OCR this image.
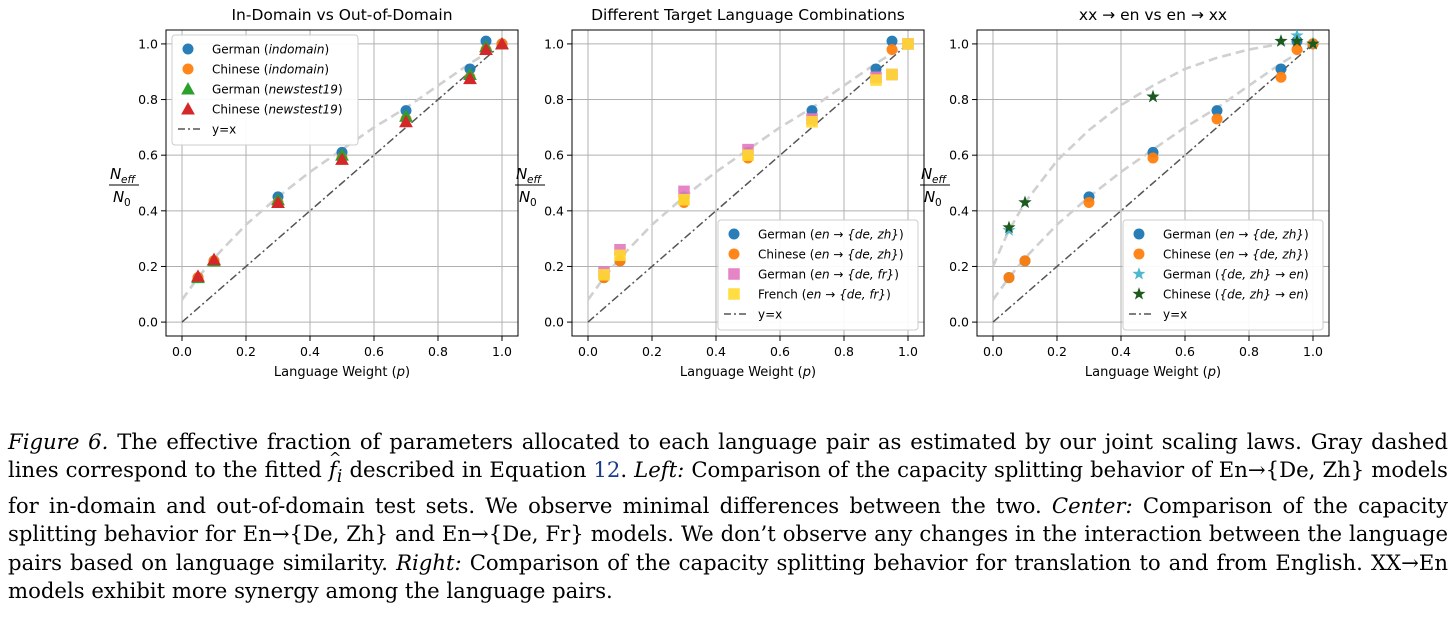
In-Domain vs Out-of-Domain
0.0	0.2	0.4	0.6	0.8	1.0
0.0
0.2
0.4
0.6
0.8
1.0
Language Weight (p)
N eff
N 0
German (indomain)
Chinese (indomain)
German (newstest19)
Chinese (newstest19)
y=x
Different Target Language Combinations
0.0	0.2	0.4	0.6	0.8	1.0
0.0
0.2
0.4
0.6
0.8
1.0
Language Weight (p)
N eff
N 0
German (en → {de, zh})
Chinese (en → {de, zh})
German (en → {de, fr})
French (en → {de, fr})
y=x
xx → en vs en → xx
0.0	0.2	0.4	0.6	0.8	1.0
0.0
0.2
0.4
0.6
0.8
1.0
Language Weight (p)
N eff
N 0
German (en → {de, zh})
Chinese (en → {de, zh})
German ({de, zh} → en)
Chinese ({de, zh} → en)
y=x
Figure 6. The effective fraction of parameters allocated to each language pair as estimated by our joint scaling laws. Gray dashed lines correspond to the fitted ^ $f_i$ described in Equation 12. Left: Comparison of the capacity splitting behavior of En→{De, Zh} models for in-domain and out-of-domain test sets. We observe minimal differences between the two. Center: Comparison of the capacity splitting behavior for En→{De, Zh} and En→{De, Fr} models. We don’t observe any changes in the interaction between the language pairs based on language similarity. Right: Comparison of the capacity splitting behavior for translation to and from English. XX→En models exhibit more synergy among the language pairs.
